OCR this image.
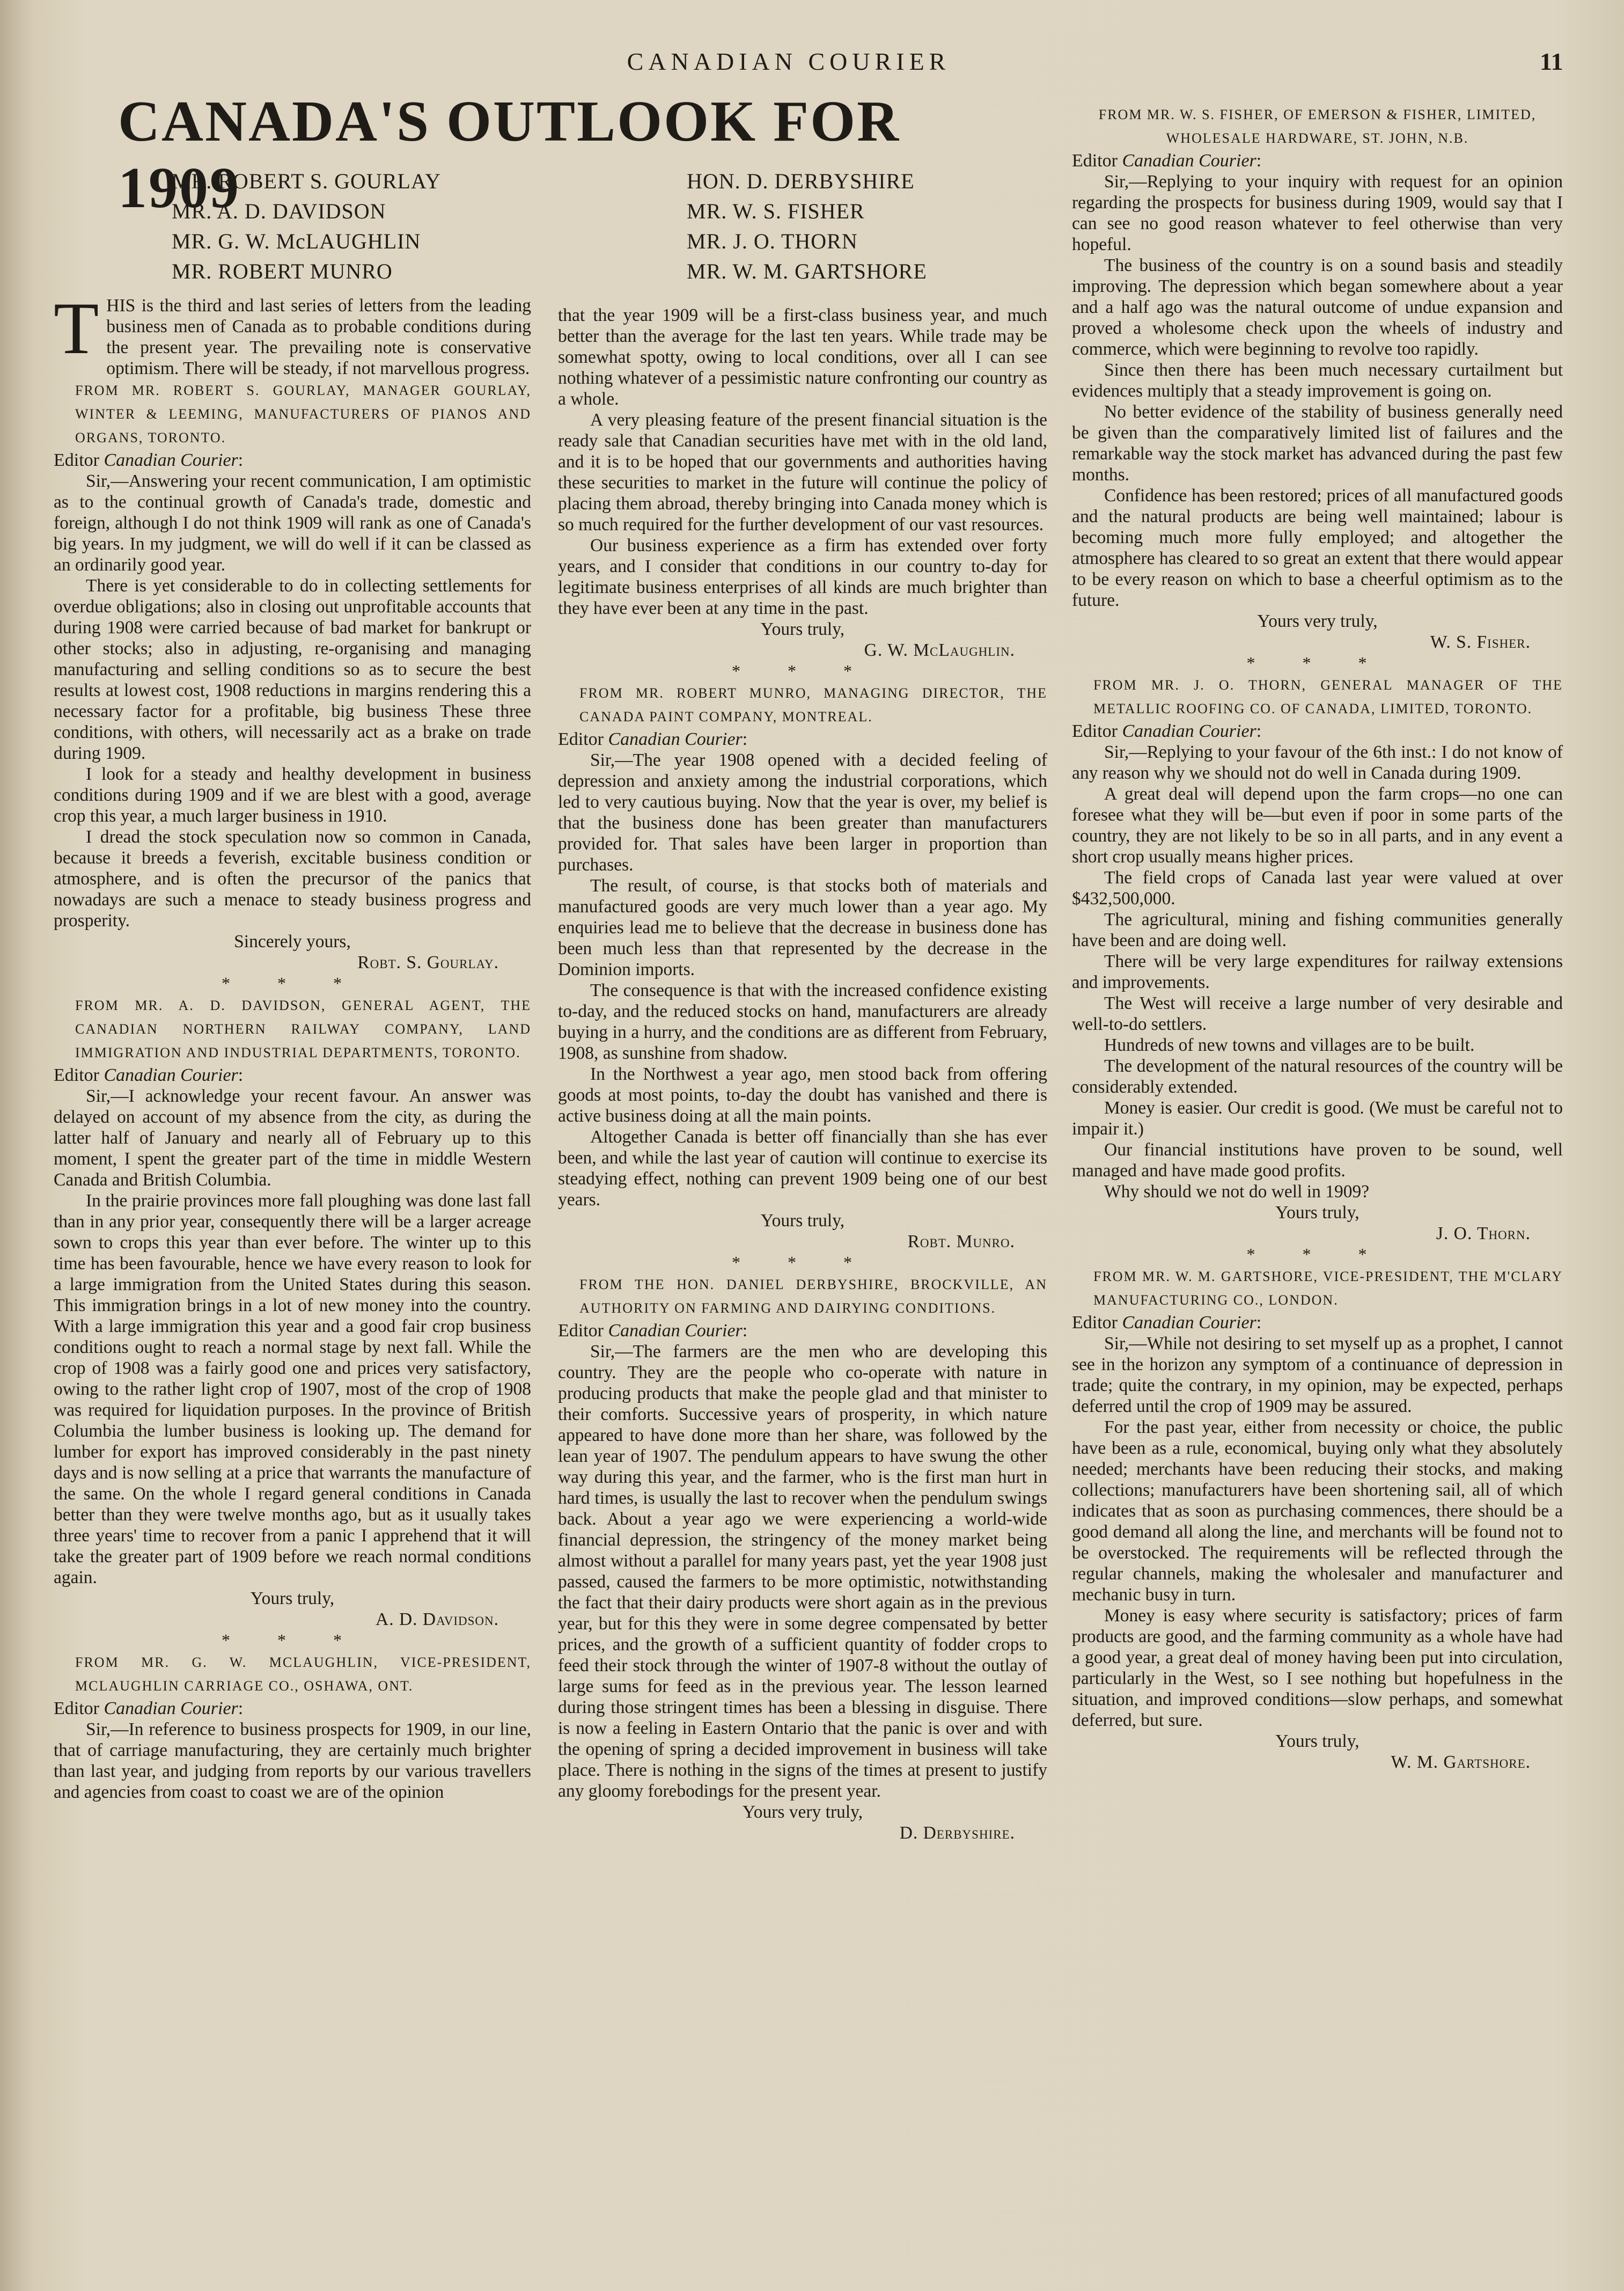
CANADIAN COURIER	11
CANADA'S OUTLOOK FOR 1909
MR. ROBERT S. GOURLAY
MR. A. D. DAVIDSON
MR. G. W. McLAUGHLIN
MR. ROBERT MUNRO
HON. D. DERBYSHIRE
MR. W. S. FISHER
MR. J. O. THORN
MR. W. M. GARTSHORE
T HIS is the third and last series of letters from the leading business men of Canada as to probable conditions during the present year. The prevailing note is conservative optimism. There will be steady, if not marvellous progress.

FROM MR. ROBERT S. GOURLAY, MANAGER GOURLAY, WINTER & LEEMING, MANUFACTURERS OF PIANOS AND ORGANS, TORONTO.

Editor Canadian Courier:

Sir,—Answering your recent communication, I am optimistic as to the continual growth of Canada's trade, domestic and foreign, although I do not think 1909 will rank as one of Canada's big years. In my judgment, we will do well if it can be classed as an ordinarily good year.

There is yet considerable to do in collecting settlements for overdue obligations; also in closing out unprofitable accounts that during 1908 were carried because of bad market for bankrupt or other stocks; also in adjusting, re-organising and managing manufacturing and selling conditions so as to secure the best results at lowest cost, 1908 reductions in margins rendering this a necessary factor for a profitable, big business These three conditions, with others, will necessarily act as a brake on trade during 1909.

I look for a steady and healthy development in business conditions during 1909 and if we are blest with a good, average crop this year, a much larger business in 1910.

I dread the stock speculation now so common in Canada, because it breeds a feverish, excitable business condition or atmosphere, and is often the precursor of the panics that nowadays are such a menace to steady business progress and prosperity.

Sincerely yours,

Robt. S. Gourlay.

* * *

FROM MR. A. D. DAVIDSON, GENERAL AGENT, THE CANADIAN NORTHERN RAILWAY COMPANY, LAND IMMIGRATION AND INDUSTRIAL DEPARTMENTS, TORONTO.

Editor Canadian Courier:

Sir,—I acknowledge your recent favour. An answer was delayed on account of my absence from the city, as during the latter half of January and nearly all of February up to this moment, I spent the greater part of the time in middle Western Canada and British Columbia.

In the prairie provinces more fall ploughing was done last fall than in any prior year, consequently there will be a larger acreage sown to crops this year than ever before. The winter up to this time has been favourable, hence we have every reason to look for a large immigration from the United States during this season. This immigration brings in a lot of new money into the country. With a large immigration this year and a good fair crop business conditions ought to reach a normal stage by next fall. While the crop of 1908 was a fairly good one and prices very satisfactory, owing to the rather light crop of 1907, most of the crop of 1908 was required for liquidation purposes. In the province of British Columbia the lumber business is looking up. The demand for lumber for export has improved considerably in the past ninety days and is now selling at a price that warrants the manufacture of the same. On the whole I regard general conditions in Canada better than they were twelve months ago, but as it usually takes three years' time to recover from a panic I apprehend that it will take the greater part of 1909 before we reach normal conditions again.

Yours truly,

A. D. Davidson.

* * *

FROM MR. G. W. MCLAUGHLIN, VICE-PRESIDENT, MCLAUGHLIN CARRIAGE CO., OSHAWA, ONT.

Editor Canadian Courier:

Sir,—In reference to business prospects for 1909, in our line, that of carriage manufacturing, they are certainly much brighter than last year, and judging from reports by our various travellers and agencies from coast to coast we are of the opinion

that the year 1909 will be a first-class business year, and much better than the average for the last ten years. While trade may be somewhat spotty, owing to local conditions, over all I can see nothing whatever of a pessimistic nature confronting our country as a whole.

A very pleasing feature of the present financial situation is the ready sale that Canadian securities have met with in the old land, and it is to be hoped that our governments and authorities having these securities to market in the future will continue the policy of placing them abroad, thereby bringing into Canada money which is so much required for the further development of our vast resources.

Our business experience as a firm has extended over forty years, and I consider that conditions in our country to-day for legitimate business enterprises of all kinds are much brighter than they have ever been at any time in the past.

Yours truly,

G. W. McLaughlin.

* * *

FROM MR. ROBERT MUNRO, MANAGING DIRECTOR, THE CANADA PAINT COMPANY, MONTREAL.

Editor Canadian Courier:

Sir,—The year 1908 opened with a decided feeling of depression and anxiety among the industrial corporations, which led to very cautious buying. Now that the year is over, my belief is that the business done has been greater than manufacturers provided for. That sales have been larger in proportion than purchases.

The result, of course, is that stocks both of materials and manufactured goods are very much lower than a year ago. My enquiries lead me to believe that the decrease in business done has been much less than that represented by the decrease in the Dominion imports.

The consequence is that with the increased confidence existing to-day, and the reduced stocks on hand, manufacturers are already buying in a hurry, and the conditions are as different from February, 1908, as sunshine from shadow.

In the Northwest a year ago, men stood back from offering goods at most points, to-day the doubt has vanished and there is active business doing at all the main points.

Altogether Canada is better off financially than she has ever been, and while the last year of caution will continue to exercise its steadying effect, nothing can prevent 1909 being one of our best years.

Yours truly,

Robt. Munro.

* * *

FROM THE HON. DANIEL DERBYSHIRE, BROCKVILLE, AN AUTHORITY ON FARMING AND DAIRYING CONDITIONS.

Editor Canadian Courier:

Sir,—The farmers are the men who are developing this country. They are the people who co-operate with nature in producing products that make the people glad and that minister to their comforts. Successive years of prosperity, in which nature appeared to have done more than her share, was followed by the lean year of 1907. The pendulum appears to have swung the other way during this year, and the farmer, who is the first man hurt in hard times, is usually the last to recover when the pendulum swings back. About a year ago we were experiencing a world-wide financial depression, the stringency of the money market being almost without a parallel for many years past, yet the year 1908 just passed, caused the farmers to be more optimistic, notwithstanding the fact that their dairy products were short again as in the previous year, but for this they were in some degree compensated by better prices, and the growth of a sufficient quantity of fodder crops to feed their stock through the winter of 1907-8 without the outlay of large sums for feed as in the previous year. The lesson learned during those stringent times has been a blessing in disguise. There is now a feeling in Eastern Ontario that the panic is over and with the opening of spring a decided improvement in business will take place. There is nothing in the signs of the times at present to justify any gloomy forebodings for the present year.

Yours very truly,

D. Derbyshire.

FROM MR. W. S. FISHER, OF EMERSON & FISHER, LIMITED, WHOLESALE HARDWARE, ST. JOHN, N.B.

Editor Canadian Courier:

Sir,—Replying to your inquiry with request for an opinion regarding the prospects for business during 1909, would say that I can see no good reason whatever to feel otherwise than very hopeful.

The business of the country is on a sound basis and steadily improving. The depression which began somewhere about a year and a half ago was the natural outcome of undue expansion and proved a wholesome check upon the wheels of industry and commerce, which were beginning to revolve too rapidly.

Since then there has been much necessary curtailment but evidences multiply that a steady improvement is going on.

No better evidence of the stability of business generally need be given than the comparatively limited list of failures and the remarkable way the stock market has advanced during the past few months.

Confidence has been restored; prices of all manufactured goods and the natural products are being well maintained; labour is becoming much more fully employed; and altogether the atmosphere has cleared to so great an extent that there would appear to be every reason on which to base a cheerful optimism as to the future.

Yours very truly,

W. S. Fisher.

* * *

FROM MR. J. O. THORN, GENERAL MANAGER OF THE METALLIC ROOFING CO. OF CANADA, LIMITED, TORONTO.

Editor Canadian Courier:

Sir,—Replying to your favour of the 6th inst.: I do not know of any reason why we should not do well in Canada during 1909.

A great deal will depend upon the farm crops—no one can foresee what they will be—but even if poor in some parts of the country, they are not likely to be so in all parts, and in any event a short crop usually means higher prices.

The field crops of Canada last year were valued at over $432,500,000.

The agricultural, mining and fishing communities generally have been and are doing well.

There will be very large expenditures for railway extensions and improvements.

The West will receive a large number of very desirable and well-to-do settlers.

Hundreds of new towns and villages are to be built.

The development of the natural resources of the country will be considerably extended.

Money is easier. Our credit is good. (We must be careful not to impair it.)

Our financial institutions have proven to be sound, well managed and have made good profits.

Why should we not do well in 1909?

Yours truly,

J. O. Thorn.

* * *

FROM MR. W. M. GARTSHORE, VICE-PRESIDENT, THE M'CLARY MANUFACTURING CO., LONDON.

Editor Canadian Courier:

Sir,—While not desiring to set myself up as a prophet, I cannot see in the horizon any symptom of a continuance of depression in trade; quite the contrary, in my opinion, may be expected, perhaps deferred until the crop of 1909 may be assured.

For the past year, either from necessity or choice, the public have been as a rule, economical, buying only what they absolutely needed; merchants have been reducing their stocks, and making collections; manufacturers have been shortening sail, all of which indicates that as soon as purchasing commences, there should be a good demand all along the line, and merchants will be found not to be overstocked. The requirements will be reflected through the regular channels, making the wholesaler and manufacturer and mechanic busy in turn.

Money is easy where security is satisfactory; prices of farm products are good, and the farming community as a whole have had a good year, a great deal of money having been put into circulation, particularly in the West, so I see nothing but hopefulness in the situation, and improved conditions—slow perhaps, and somewhat deferred, but sure.

Yours truly,

W. M. Gartshore.
